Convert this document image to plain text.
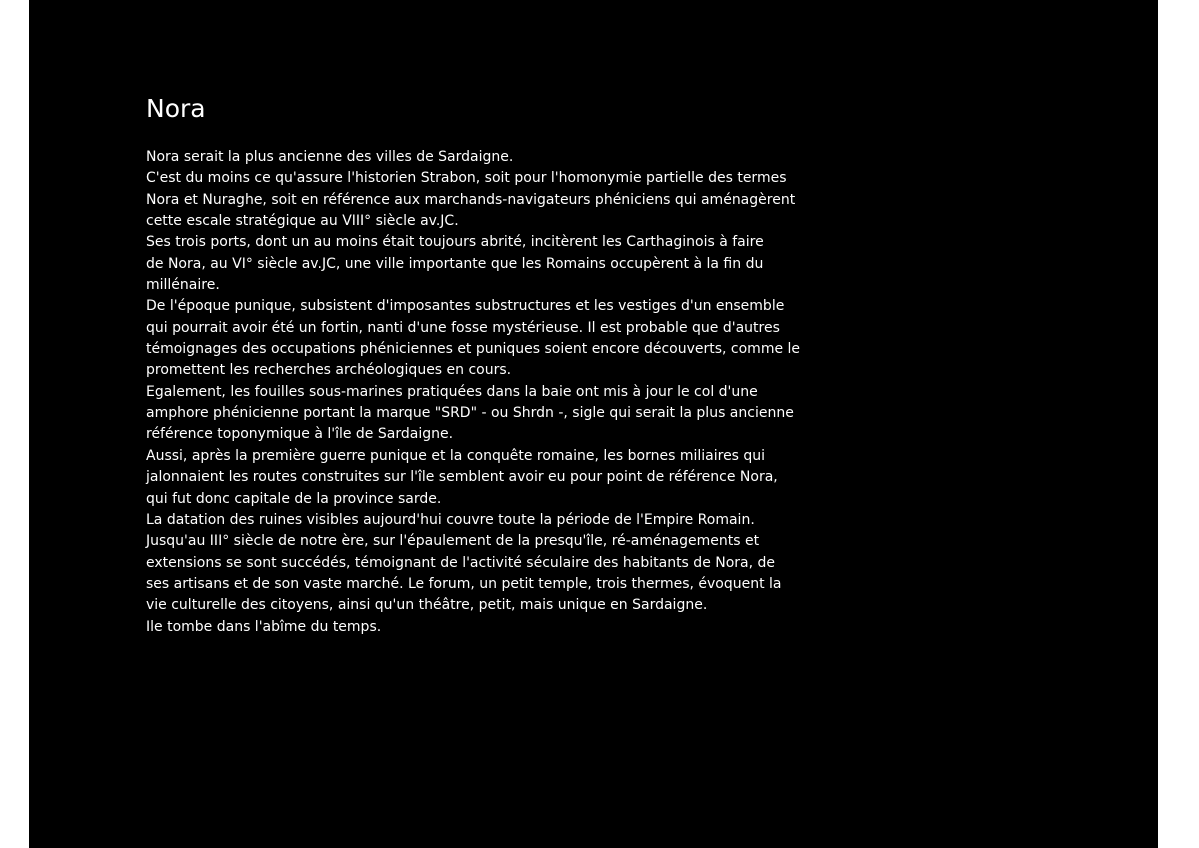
Nora
Nora serait la plus ancienne des villes de Sardaigne.
C'est du moins ce qu'assure l'historien Strabon, soit pour l'homonymie partielle des termes
Nora et Nuraghe, soit en référence aux marchands-navigateurs phéniciens qui aménagèrent
cette escale stratégique au VIII° siècle av.JC.
Ses trois ports, dont un au moins était toujours abrité, incitèrent les Carthaginois à faire
de Nora, au VI° siècle av.JC, une ville importante que les Romains occupèrent à la fin du
millénaire.
De l'époque punique, subsistent d'imposantes substructures et les vestiges d'un ensemble
qui pourrait avoir été un fortin, nanti d'une fosse mystérieuse. Il est probable que d'autres
témoignages des occupations phéniciennes et puniques soient encore découverts, comme le
promettent les recherches archéologiques en cours.
Egalement, les fouilles sous-marines pratiquées dans la baie ont mis à jour le col d'une
amphore phénicienne portant la marque "SRD" - ou Shrdn -, sigle qui serait la plus ancienne
référence toponymique à l'île de Sardaigne.
Aussi, après la première guerre punique et la conquête romaine, les bornes miliaires qui
jalonnaient les routes construites sur l'île semblent avoir eu pour point de référence Nora,
qui fut donc capitale de la province sarde.
La datation des ruines visibles aujourd'hui couvre toute la période de l'Empire Romain.
Jusqu'au III° siècle de notre ère, sur l'épaulement de la presqu'île, ré-aménagements et
extensions se sont succédés, témoignant de l'activité séculaire des habitants de Nora, de
ses artisans et de son vaste marché. Le forum, un petit temple, trois thermes, évoquent la
vie culturelle des citoyens, ainsi qu'un théâtre, petit, mais unique en Sardaigne.
Ile tombe dans l'abîme du temps.
